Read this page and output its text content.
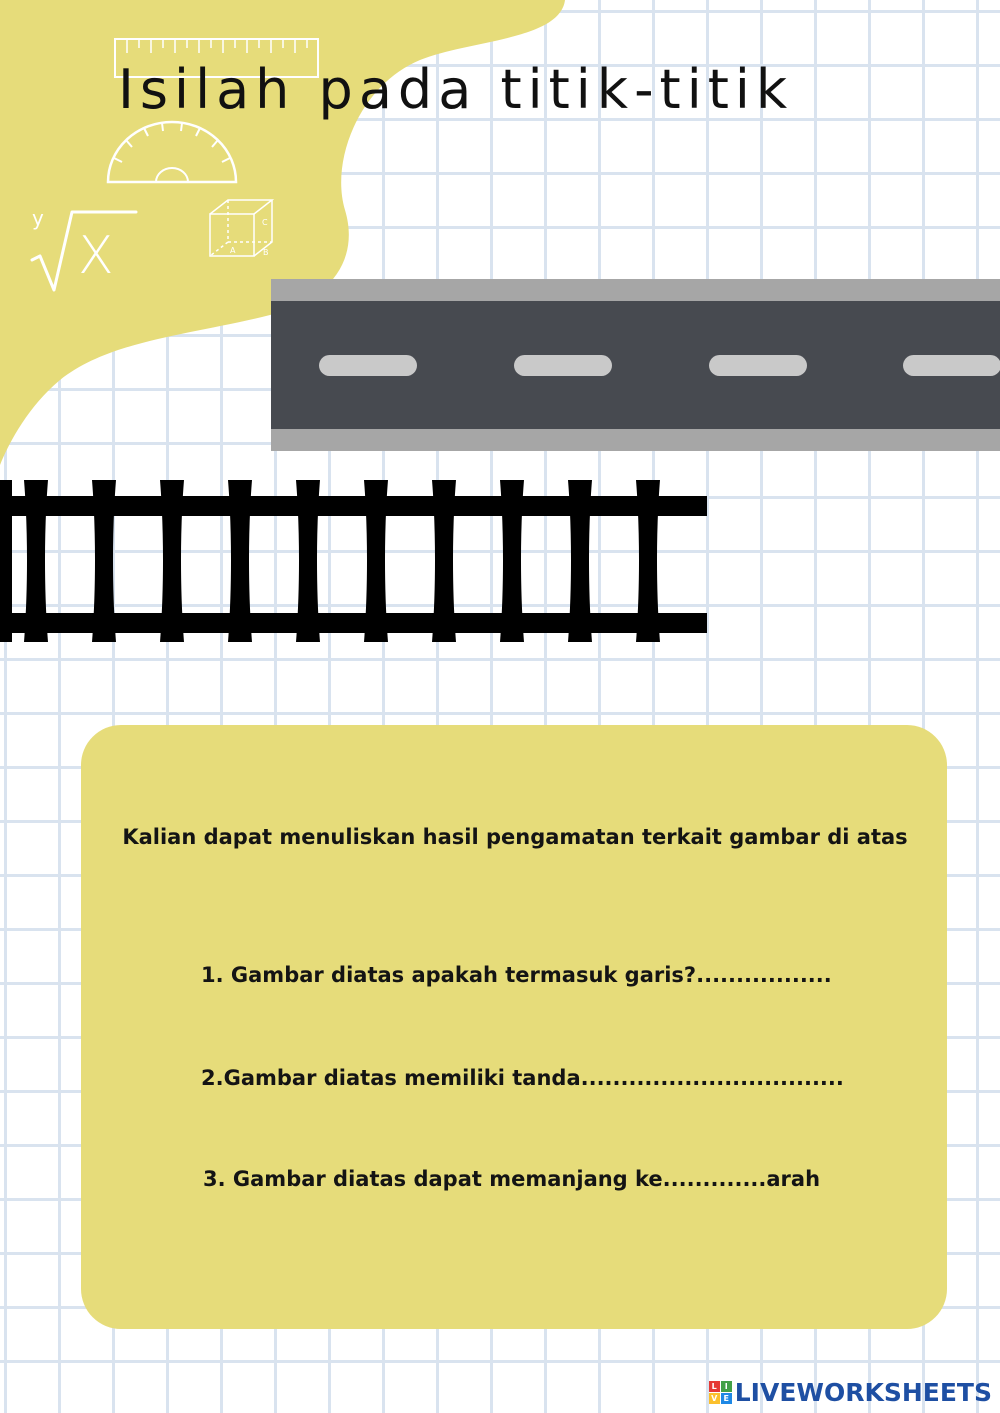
y
X	A	B
C
Isilah pada titik-titik
Kalian dapat menuliskan hasil pengamatan terkait gambar di atas
1. Gambar diatas apakah termasuk garis?.................
2.Gambar diatas memiliki tanda.................................
3. Gambar diatas dapat memanjang ke.............arah
L I
V E LIVEWORKSHEETS
